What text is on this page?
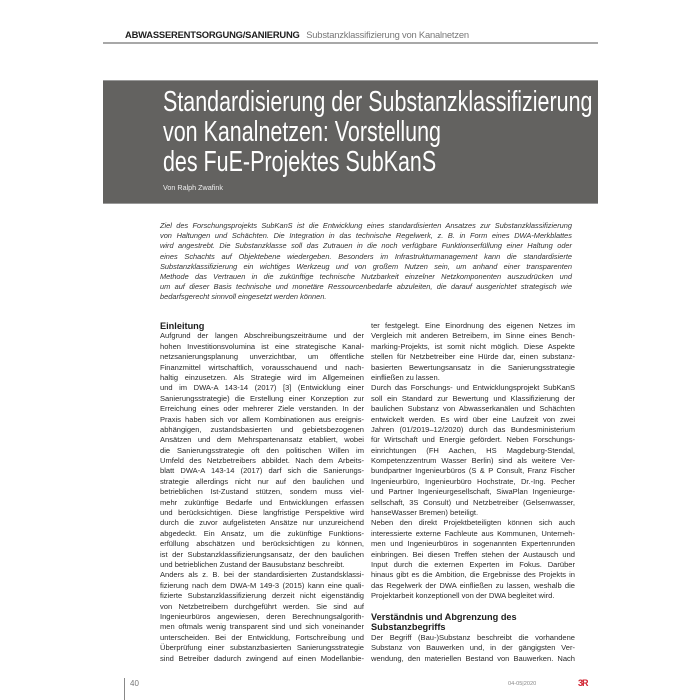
ABWASSERENTSORGUNG/SANIERUNG Substanzklassifizierung von Kanalnetzen
Standardisierung der Substanzklassifizierung
von Kanalnetzen: Vorstellung
des FuE-Projektes SubKanS
Von Ralph Zwafink
Ziel des Forschungsprojekts SubKanS ist die Entwicklung eines standardisierten Ansatzes zur Substanzklassifizierung
von Haltungen und Schächten. Die Integration in das technische Regelwerk, z. B. in Form eines DWA-Merkblattes
wird angestrebt. Die Substanzklasse soll das Zutrauen in die noch verfügbare Funktionserfüllung einer Haltung oder
eines Schachts auf Objektebene wiedergeben. Besonders im Infrastrukturmanagement kann die standardisierte
Substanzklassifizierung ein wichtiges Werkzeug und von großem Nutzen sein, um anhand einer transparenten
Methode das Vertrauen in die zukünftige technische Nutzbarkeit einzelner Netzkomponenten auszudrücken und
um auf dieser Basis technische und monetäre Ressourcenbedarfe abzuleiten, die darauf ausgerichtet strategisch wie
bedarfsgerecht sinnvoll eingesetzt werden können.
Einleitung
Aufgrund der langen Abschreibungszeiträume und der
hohen Investitionsvolumina ist eine strategische Kanal-
netzsanierungsplanung unverzichtbar, um öffentliche
Finanzmittel wirtschaftlich, vorausschauend und nach-
haltig einzusetzen. Als Strategie wird im Allgemeinen
und im DWA-A 143-14 (2017) [3] (Entwicklung einer
Sanierungsstrategie) die Erstellung einer Konzeption zur
Erreichung eines oder mehrerer Ziele verstanden. In der
Praxis haben sich vor allem Kombinationen aus ereignis-
abhängigen, zustandsbasierten und gebietsbezogenen
Ansätzen und dem Mehrspartenansatz etabliert, wobei
die Sanierungsstrategie oft den politischen Willen im
Umfeld des Netzbetreibers abbildet. Nach dem Arbeits-
blatt DWA-A 143-14 (2017) darf sich die Sanierungs-
strategie allerdings nicht nur auf den baulichen und
betrieblichen Ist-Zustand stützen, sondern muss viel-
mehr zukünftige Bedarfe und Entwicklungen erfassen
und berücksichtigen. Diese langfristige Perspektive wird
durch die zuvor aufgelisteten Ansätze nur unzureichend
abgedeckt. Ein Ansatz, um die zukünftige Funktions-
erfüllung abschätzen und berücksichtigen zu können,
ist der Substanzklassifizierungsansatz, der den baulichen
und betrieblichen Zustand der Bausubstanz beschreibt.
Anders als z. B. bei der standardisierten Zustandsklassi-
fizierung nach dem DWA-M 149-3 (2015) kann eine quali-
fizierte Substanzklassifizierung derzeit nicht eigenständig
von Netzbetreibern durchgeführt werden. Sie sind auf
Ingenieurbüros angewiesen, deren Berechnungsalgorith-
men oftmals wenig transparent sind und sich voneinander
unterscheiden. Bei der Entwicklung, Fortschreibung und
Überprüfung einer substanzbasierten Sanierungsstrategie
sind Betreiber dadurch zwingend auf einen Modellanbie-
ter festgelegt. Eine Einordnung des eigenen Netzes im
Vergleich mit anderen Betreibern, im Sinne eines Bench-
marking-Projekts, ist somit nicht möglich. Diese Aspekte
stellen für Netzbetreiber eine Hürde dar, einen substanz-
basierten Bewertungsansatz in die Sanierungsstrategie
einfließen zu lassen.
Durch das Forschungs- und Entwicklungsprojekt SubKanS
soll ein Standard zur Bewertung und Klassifizierung der
baulichen Substanz von Abwasserkanälen und Schächten
entwickelt werden. Es wird über eine Laufzeit von zwei
Jahren (01/2019–12/2020) durch das Bundesministerium
für Wirtschaft und Energie gefördert. Neben Forschungs-
einrichtungen (FH Aachen, HS Magdeburg-Stendal,
Kompetenzzentrum Wasser Berlin) sind als weitere Ver-
bundpartner Ingenieurbüros (S & P Consult, Franz Fischer
Ingenieurbüro, Ingenieurbüro Hochstrate, Dr.-Ing. Pecher
und Partner Ingenieurgesellschaft, SiwaPlan Ingenieurge-
sellschaft, 3S Consult) und Netzbetreiber (Gelsenwasser,
hanseWasser Bremen) beteiligt.
Neben den direkt Projektbeteiligten können sich auch
interessierte externe Fachleute aus Kommunen, Unterneh-
men und Ingenieurbüros in sogenannten Expertenrunden
einbringen. Bei diesen Treffen stehen der Austausch und
Input durch die externen Experten im Fokus. Darüber
hinaus gibt es die Ambition, die Ergebnisse des Projekts in
das Regelwerk der DWA einfließen zu lassen, weshalb die
Projektarbeit konzeptionell von der DWA begleitet wird.
Verständnis und Abgrenzung des
Substanzbegriffs
Der Begriff (Bau-)Substanz beschreibt die vorhandene
Substanz von Bauwerken und, in der gängigsten Ver-
wendung, den materiellen Bestand von Bauwerken. Nach
40	04-05|2020	3R
